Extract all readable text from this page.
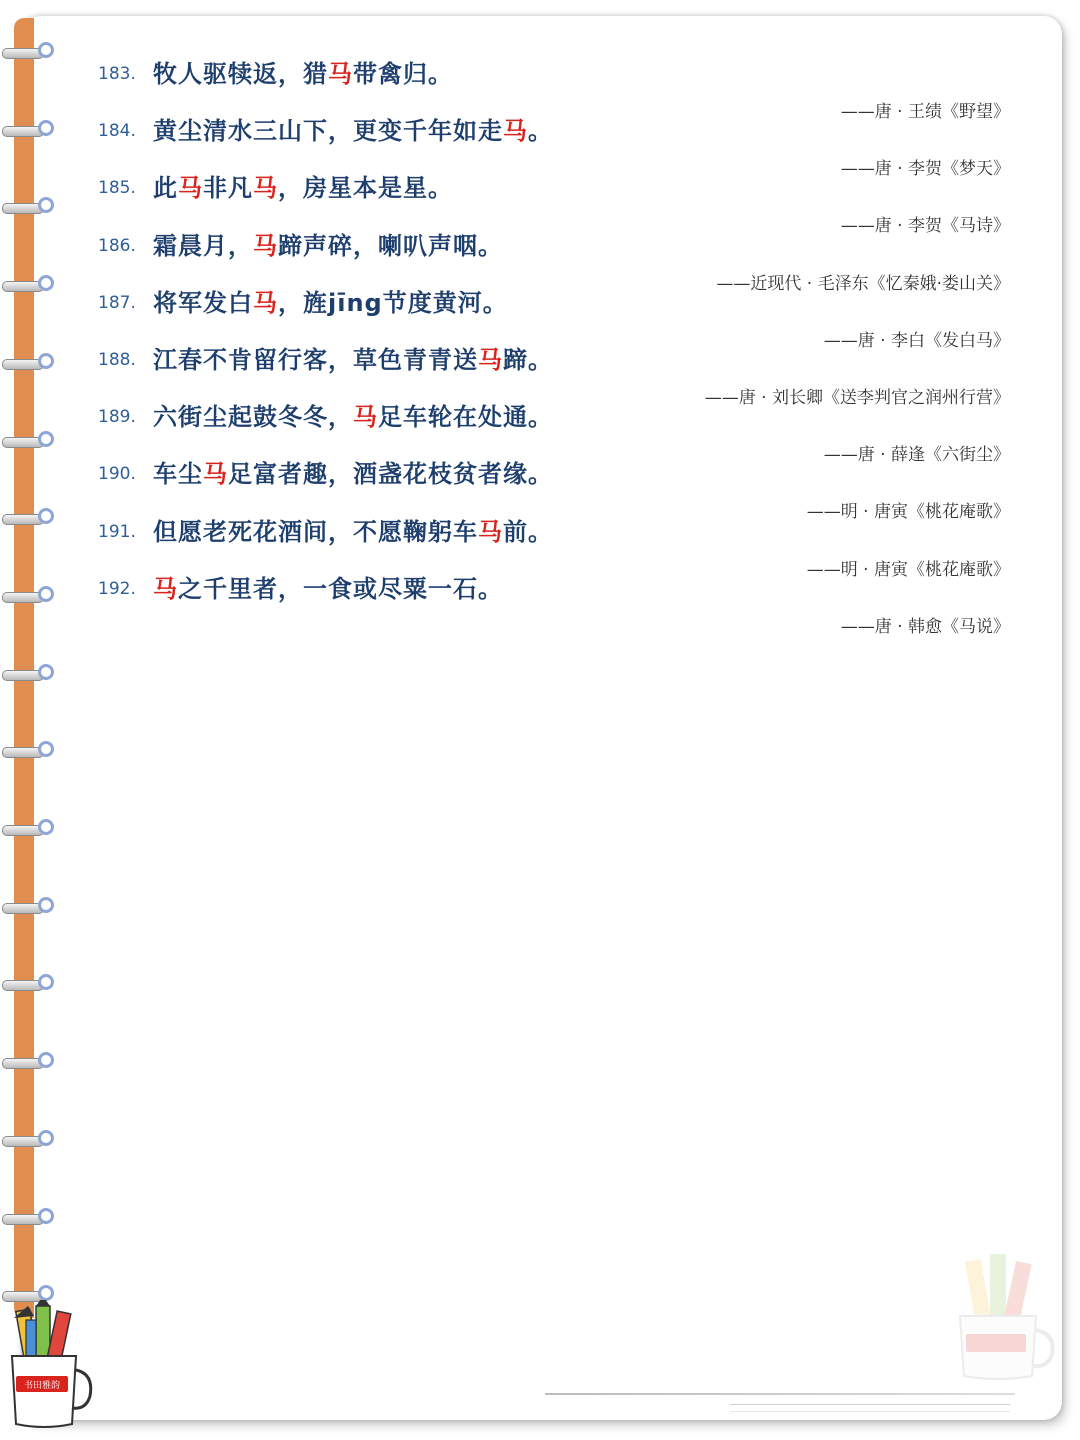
183. 牧人驱犊返，猎马带禽归。
——唐 · 王绩《野望》
184. 黄尘清水三山下，更变千年如走马。
——唐 · 李贺《梦天》
185. 此马非凡马，房星本是星。
——唐 · 李贺《马诗》
186. 霜晨月，马蹄声碎，喇叭声咽。
——近现代 · 毛泽东《忆秦娥·娄山关》
187. 将军发白马，旌jīng节度黄河。
——唐 · 李白《发白马》
188. 江春不肯留行客，草色青青送马蹄。
——唐 · 刘长卿《送李判官之润州行营》
189. 六街尘起鼓冬冬，马足车轮在处通。
——唐 · 薛逢《六街尘》
190. 车尘马足富者趣，酒盏花枝贫者缘。
——明 · 唐寅《桃花庵歌》
191. 但愿老死花酒间，不愿鞠躬车马前。
——明 · 唐寅《桃花庵歌》
192. 马之千里者，一食或尽粟一石。
——唐 · 韩愈《马说》
书田雅韵
